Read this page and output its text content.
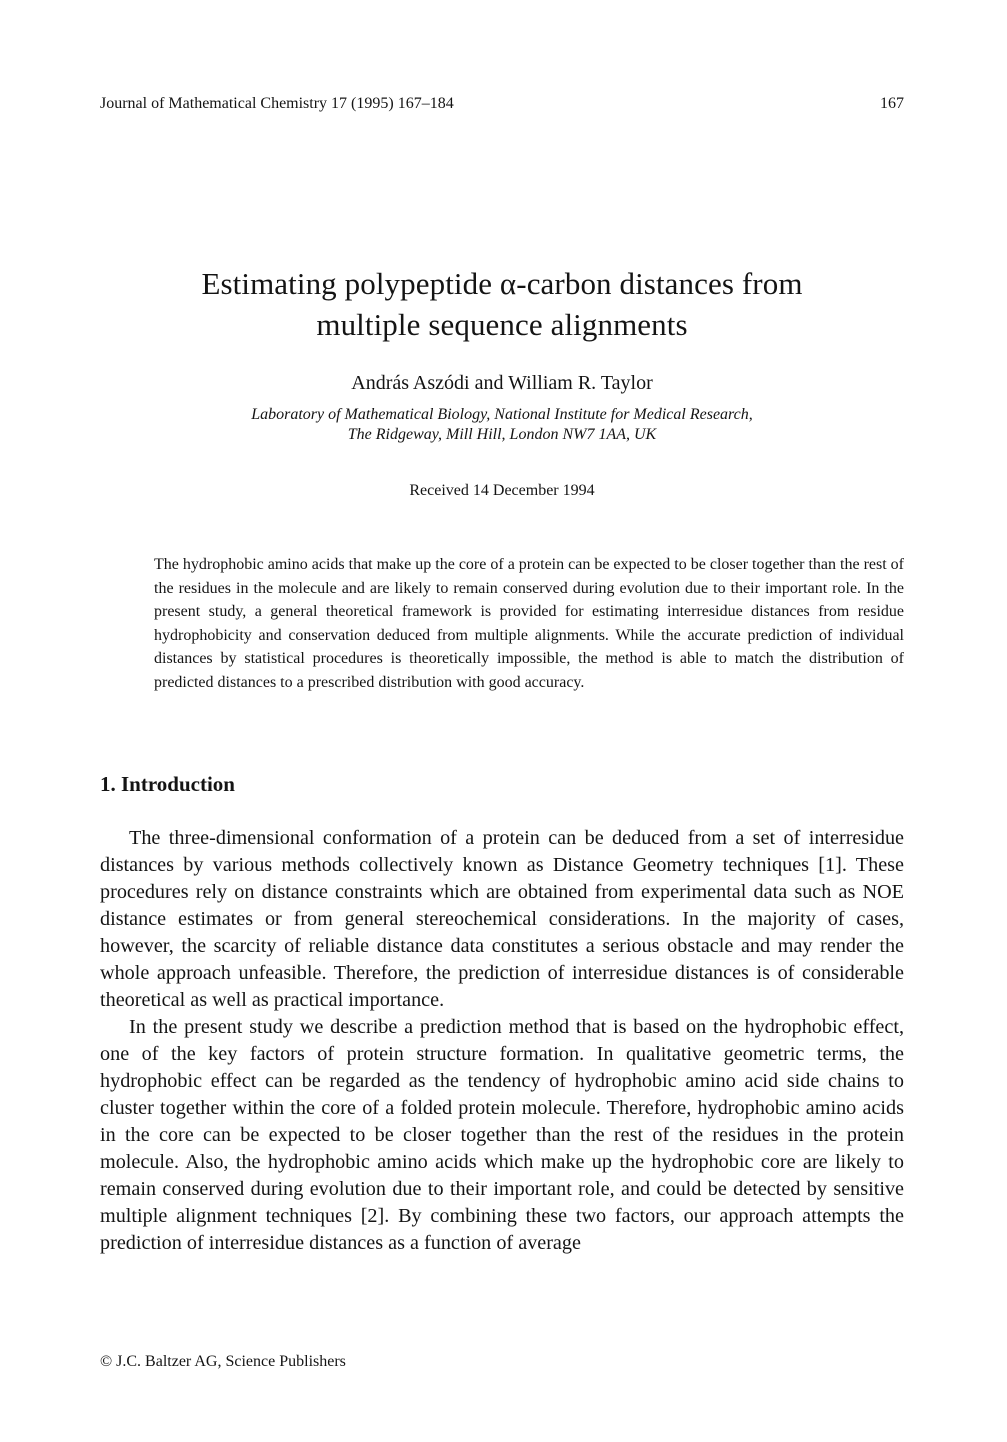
Journal of Mathematical Chemistry 17 (1995) 167–184	167
Estimating polypeptide α-carbon distances from
multiple sequence alignments
András Aszódi and William R. Taylor
Laboratory of Mathematical Biology, National Institute for Medical Research,
The Ridgeway, Mill Hill, London NW7 1AA, UK
Received 14 December 1994

The hydrophobic amino acids that make up the core of a protein can be expected to be closer together than the rest of the residues in the molecule and are likely to remain conserved during evolution due to their important role. In the present study, a general theoretical framework is provided for estimating interresidue distances from residue hydrophobicity and conservation deduced from multiple alignments. While the accurate prediction of individual distances by statistical procedures is theoretically impossible, the method is able to match the distribution of predicted distances to a prescribed distribution with good accuracy.

1. Introduction

The three-dimensional conformation of a protein can be deduced from a set of interresidue distances by various methods collectively known as Distance Geometry techniques [1]. These procedures rely on distance constraints which are obtained from experimental data such as NOE distance estimates or from general stereochemical considerations. In the majority of cases, however, the scarcity of reliable distance data constitutes a serious obstacle and may render the whole approach unfeasible. Therefore, the prediction of interresidue distances is of considerable theoretical as well as practical importance.

In the present study we describe a prediction method that is based on the hydrophobic effect, one of the key factors of protein structure formation. In qualitative geometric terms, the hydrophobic effect can be regarded as the tendency of hydrophobic amino acid side chains to cluster together within the core of a folded protein molecule. Therefore, hydrophobic amino acids in the core can be expected to be closer together than the rest of the residues in the protein molecule. Also, the hydrophobic amino acids which make up the hydrophobic core are likely to remain conserved during evolution due to their important role, and could be detected by sensitive multiple alignment techniques [2]. By combining these two factors, our approach attempts the prediction of interresidue distances as a function of average

© J.C. Baltzer AG, Science Publishers
